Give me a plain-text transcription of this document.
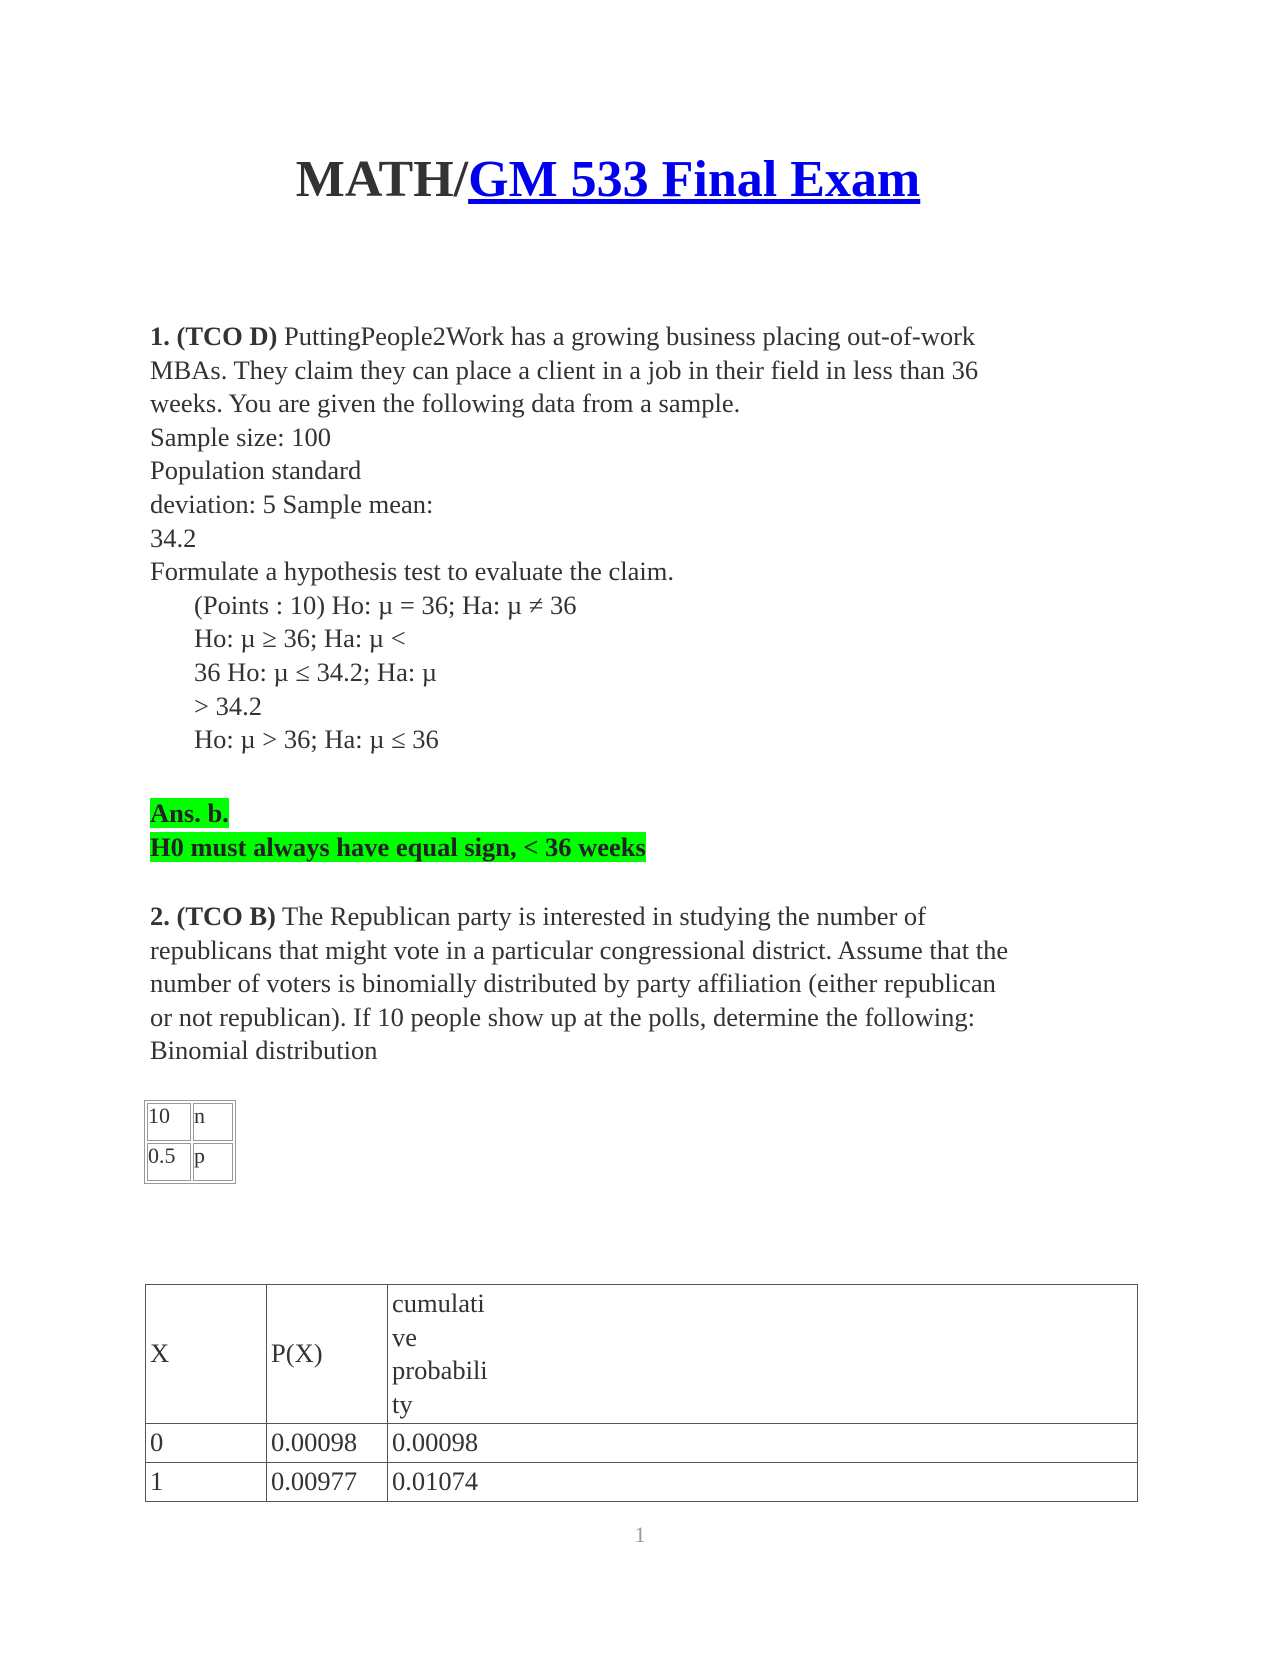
MATH/GM 533 Final Exam

1. (TCO D) PuttingPeople2Work has a growing business placing out-of-work

MBAs. They claim they can place a client in a job in their field in less than 36

weeks. You are given the following data from a sample.

Sample size: 100

Population standard

deviation: 5 Sample mean:

34.2

Formulate a hypothesis test to evaluate the claim.

(Points : 10) Ho: µ = 36; Ha: µ ≠ 36

Ho: µ ≥ 36; Ha: µ <

36 Ho: µ ≤ 34.2; Ha: µ

> 34.2

Ho: µ > 36; Ha: µ ≤ 36

Ans. b.

H0 must always have equal sign, < 36 weeks

2. (TCO B) The Republican party is interested in studying the number of

republicans that might vote in a particular congressional district. Assume that the

number of voters is binomially distributed by party affiliation (either republican

or not republican). If 10 people show up at the polls, determine the following:

Binomial distribution

10	n
0.5	p
X	P(X)	cumulati
ve
probabili
ty
0	0.00098	0.00098
1	0.00977	0.01074
1
